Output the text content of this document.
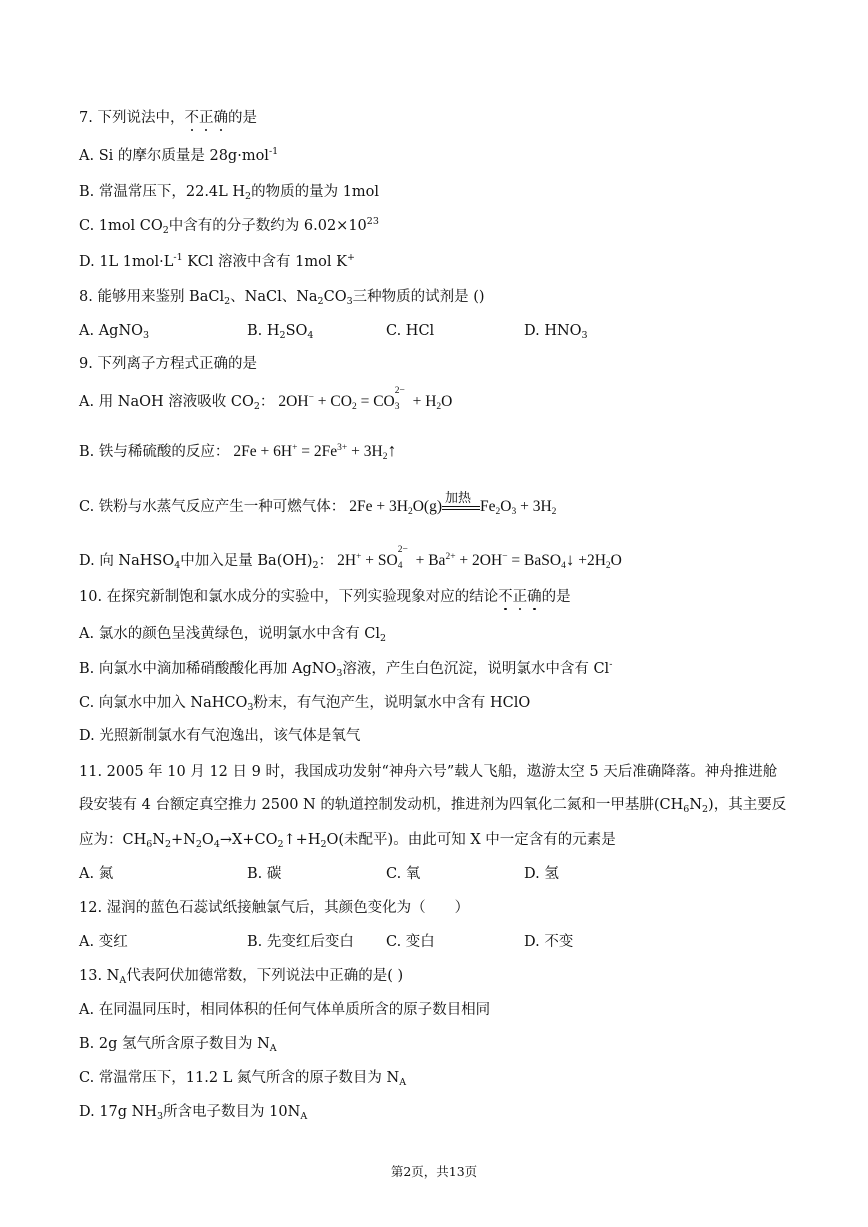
7. 下列说法中，不正确的是
A. Si 的摩尔质量是 28g·mol$^{-1}$
B. 常温常压下，22.4L $H_2$的物质的量为 1mol
C. 1mol $CO_2$中含有的分子数约为 $6.02\times 10^{23}$
D. 1L $1mol\cdot L^{-1}$ KCl 溶液中含有 1mol K+
8. 能够用来鉴别 BaCl$_2$、NaCl、$Na_2CO_3$三种物质的试剂是 ()
A. AgNO$_3$	B. $H_2SO_4$	C. HCl	D. $HNO_3$
9. 下列离子方程式正确的是
A. 用 NaOH 溶液吸收 $CO_2$： $2OH^- + CO_2$ = CO
2−
$3 + H_2O$
B. 铁与稀硫酸的反应： $2Fe + 6H^+ = 2Fe^{3+}$ + $3H_2↑$
C. 铁粉与水蒸气反应产生一种可燃气体： $2Fe + 3H_2O(g)$ 加热 $Fe_2O_3 + 3H_2$
D. 向 NaHSO$_4$中加入足量 $Ba(OH)_2$： 2H+ + SO
2−
$4 + Ba^{2+} + 2OH^-$ = BaSO$_4$↓ $+2H_2O$
10. 在探究新制饱和氯水成分的实验中，下列实验现象对应的结论不正确的是
A. 氯水的颜色呈浅黄绿色，说明氯水中含有 $Cl_2$
B. 向氯水中滴加稀硝酸酸化再加 AgNO$_3$溶液，产生白色沉淀，说明氯水中含有 Cl-
C. 向氯水中加入 NaHCO$_3$粉末，有气泡产生，说明氯水中含有 HClO
D. 光照新制氯水有气泡逸出，该气体是氧气
11. 2005 年 10 月 12 日 9 时，我国成功发射“神舟六号”载人飞船，遨游太空 5 天后准确降落。神舟推进舱
段安装有 4 台额定真空推力 2500 N 的轨道控制发动机，推进剂为四氧化二氮和一甲基肼$(CH_6N_2)$，其主要反
应为：$CH_6N_2+N_2O_4\to X+CO_2↑+H_2O$(未配平)。由此可知 X 中一定含有的元素是
A. 氮	B. 碳	C. 氧	D. 氢
12. 湿润的蓝色石蕊试纸接触氯气后，其颜色变化为（　　）
A. 变红	B. 先变红后变白 C. 变白	D. 不变
13. $N_A$代表阿伏加德常数，下列说法中正确的是( )
A. 在同温同压时，相同体积的任何气体单质所含的原子数目相同
B. 2g 氢气所含原子数目为 $N_A$
C. 常温常压下，11.2 L 氮气所含的原子数目为 $N_A$
D. 17g $NH_3$所含电子数目为 $10N_A$
第2页，共13页
